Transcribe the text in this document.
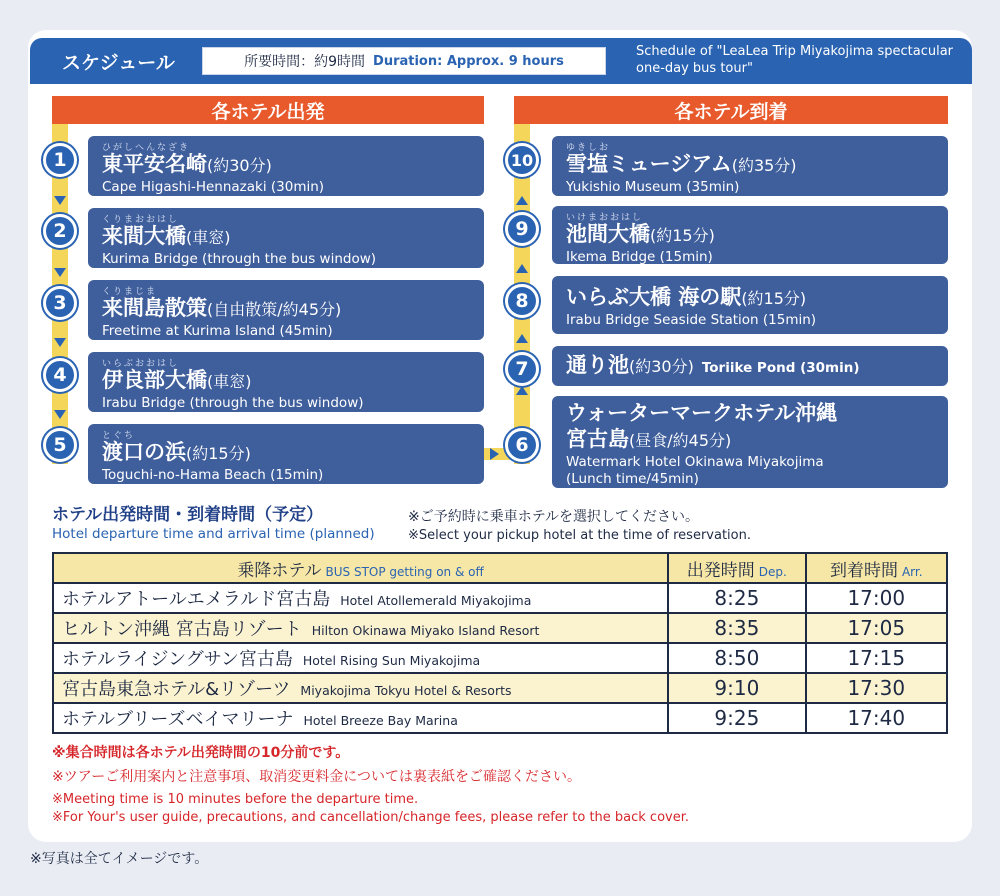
スケジュール	所要時間：約9時間 Duration: Approx. 9 hours
Schedule of "LeaLea Trip Miyakojima spectacular one-day bus tour"
各ホテル出発	各ホテル到着
1
2
3
4
5
10
9
8
7
6
ひがしへんなざき
東平安名崎(約30分)
Cape Higashi-Hennazaki (30min)
くりまおおはし
来間大橋(車窓)
Kurima Bridge (through the bus window)
くりまじま
来間島散策(自由散策/約45分)
Freetime at Kurima Island (45min)
いらぶおおはし
伊良部大橋(車窓)
Irabu Bridge (through the bus window)
とぐち
渡口の浜(約15分)
Toguchi-no-Hama Beach (15min)
ゆきしお
雪塩ミュージアム(約35分)
Yukishio Museum (35min)
いけまおおはし
池間大橋(約15分)
Ikema Bridge (15min)
いらぶ大橋 海の駅(約15分)
Irabu Bridge Seaside Station (15min)
通り池(約30分) Toriike Pond (30min)
ウォーターマークホテル沖縄
宮古島(昼食/約45分)
Watermark Hotel Okinawa Miyakojima
(Lunch time/45min)
ホテル出発時間・到着時間（予定）
Hotel departure time and arrival time (planned)
※ご予約時に乗車ホテルを選択してください。
※Select your pickup hotel at the time of reservation.
乗降ホテル BUS STOP getting on & off	出発時間 Dep.	到着時間 Arr.
ホテルアトールエメラルド宮古島 Hotel Atollemerald Miyakojima	8:25	17:00
ヒルトン沖縄 宮古島リゾート Hilton Okinawa Miyako Island Resort	8:35	17:05
ホテルライジングサン宮古島 Hotel Rising Sun Miyakojima	8:50	17:15
宮古島東急ホテル&リゾーツ Miyakojima Tokyu Hotel & Resorts	9:10	17:30
ホテルブリーズベイマリーナ Hotel Breeze Bay Marina	9:25	17:40
※集合時間は各ホテル出発時間の10分前です。
※ツアーご利用案内と注意事項、取消変更料金については裏表紙をご確認ください。
※Meeting time is 10 minutes before the departure time.
※For Your's user guide, precautions, and cancellation/change fees, please refer to the back cover.
※写真は全てイメージです。
